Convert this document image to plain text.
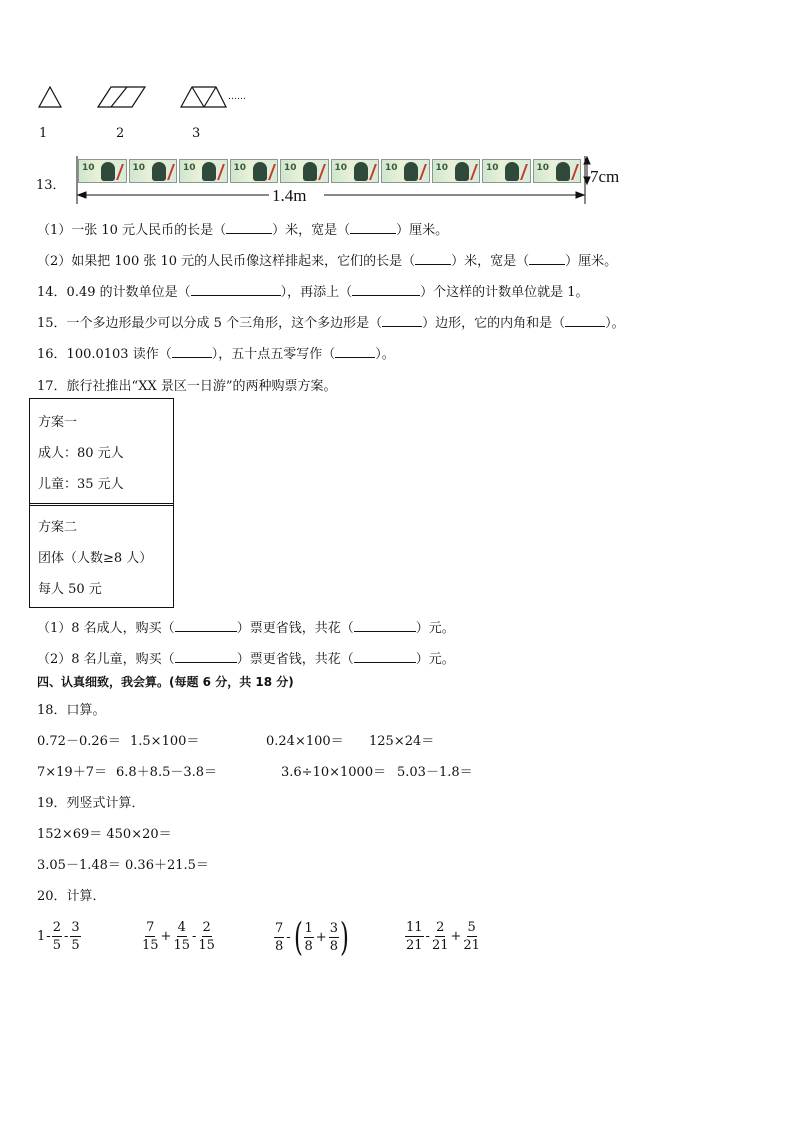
……
1	2	3
13．
10	10	10	10	10	10	10	10	10	10 7cm
1.4m
（1）一张 10 元人民币的长是（	）米，宽是（	）厘米。
（2）如果把 100 张 10 元的人民币像这样排起来，它们的长是（	）米，宽是（	）厘米。
14．0.49 的计数单位是（	），再添上（	）个这样的计数单位就是 1。
15．一个多边形最少可以分成 5 个三角形，这个多边形是（	）边形，它的内角和是（	）。
16．100.0103 读作（	），五十点五零写作（	）。
17．旅行社推出“XX 景区一日游”的两种购票方案。
方案一
成人：80 元人
儿童：35 元人
方案二
团体（人数≥8 人）
每人 50 元
（1）8 名成人，购买（	）票更省钱，共花（	）元。
（2）8 名儿童，购买（	）票更省钱，共花（	）元。
四、认真细致，我会算。(每题 6 分，共 18 分)
18．口算。
0.72－0.26＝ 1.5×100＝	0.24×100＝ 125×24＝
7×19＋7＝ 6.8＋8.5－3.8＝	3.6÷10×1000＝ 5.03－1.8＝
19．列竖式计算．
152×69＝ 450×20＝
3.05－1.48＝ 0.36＋21.5＝
20．计算．
$1- \frac{2}{5} - \frac{3}{5}$	$\frac{7}{15} + \frac{4}{15} - \frac{2}{15}$	$\frac{7}{8}$ -( $\frac{1}{8} + \frac{3}{8}$ )	$\frac{11}{21} - \frac{2}{21} + \frac{5}{21}$
